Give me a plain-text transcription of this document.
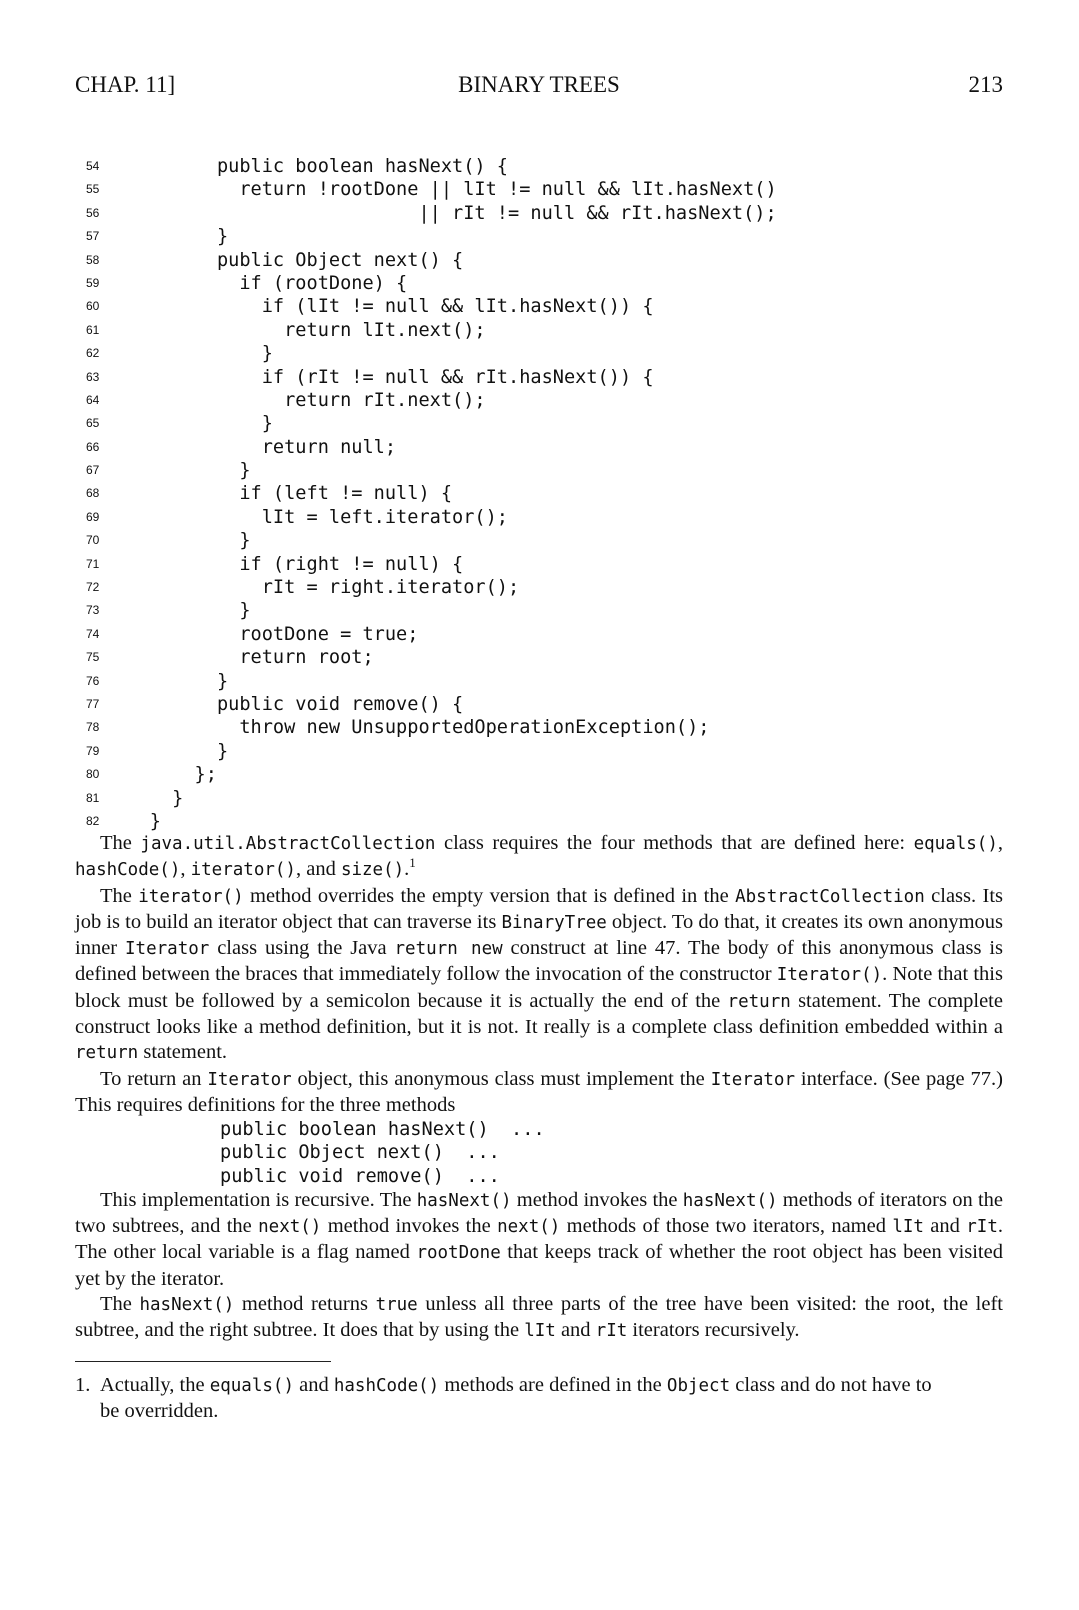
CHAP. 11]	BINARY TREES	213
54 public boolean hasNext() {
55 return !rootDone || lIt != null && lIt.hasNext()
56 || rIt != null && rIt.hasNext();
57 }
58 public Object next() {
59 if (rootDone) {
60 if (lIt != null && lIt.hasNext()) {
61 return lIt.next();
62 }
63 if (rIt != null && rIt.hasNext()) {
64 return rIt.next();
65 }
66 return null;
67 }
68 if (left != null) {
69 lIt = left.iterator();
70 }
71 if (right != null) {
72 rIt = right.iterator();
73 }
74 rootDone = true;
75 return root;
76 }
77 public void remove() {
78 throw new UnsupportedOperationException();
79 }
80 };
81 }
82 }

The java.util.AbstractCollection class requires the four methods that are defined here: equals(), hashCode(), iterator(), and size().$^1$

The iterator() method overrides the empty version that is defined in the AbstractCollection class. Its job is to build an iterator object that can traverse its BinaryTree object. To do that, it creates its own anonymous inner Iterator class using the Java return new construct at line 47. The body of this anonymous class is defined between the braces that immediately follow the invocation of the constructor Iterator(). Note that this block must be followed by a semicolon because it is actually the end of the return statement. The complete construct looks like a method definition, but it is not. It really is a complete class definition embedded within a return statement.

To return an Iterator object, this anonymous class must implement the Iterator interface. (See page 77.) This requires definitions for the three methods

public boolean hasNext()  ...
public Object next()  ...
public void remove()  ...

This implementation is recursive. The hasNext() method invokes the hasNext() methods of iterators on the two subtrees, and the next() method invokes the next() methods of those two iterators, named lIt and rIt. The other local variable is a flag named rootDone that keeps track of whether the root object has been visited yet by the iterator.

The hasNext() method returns true unless all three parts of the tree have been visited: the root, the left subtree, and the right subtree. It does that by using the lIt and rIt iterators recursively.

1. Actually, the equals() and hashCode() methods are defined in the Object class and do not have to be overridden.
